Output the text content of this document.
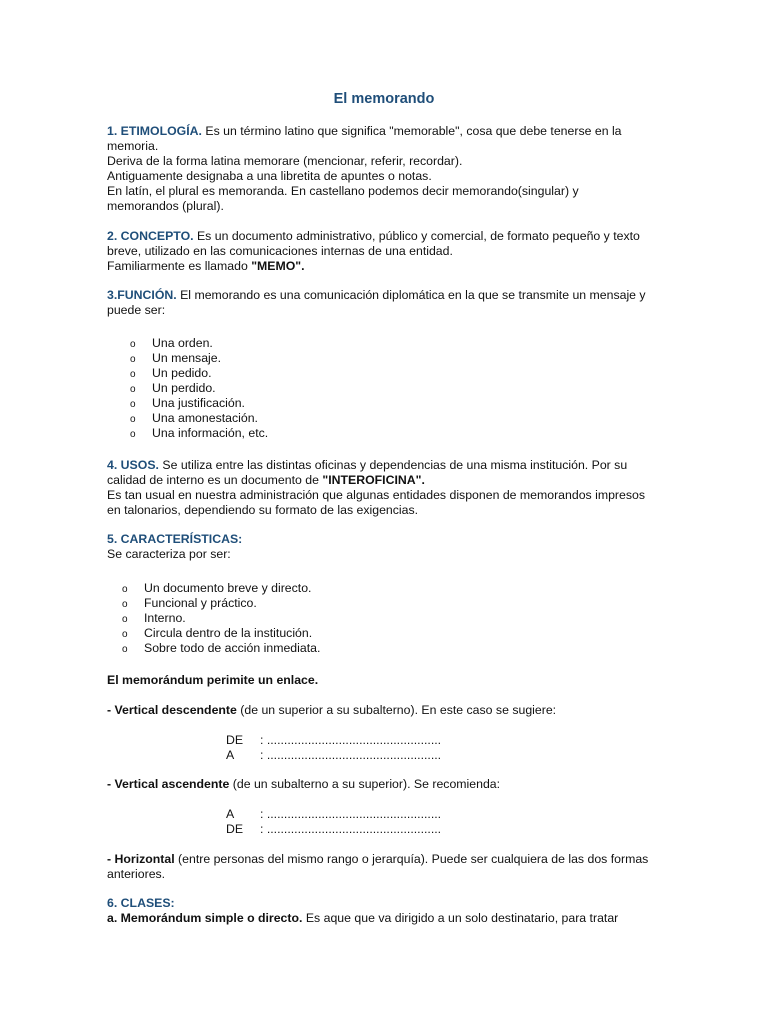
El memorando

1. ETIMOLOGÍA. Es un término latino que significa "memorable", cosa que debe tenerse en la

memoria.

Deriva de la forma latina memorare (mencionar, referir, recordar).

Antiguamente designaba a una libretita de apuntes o notas.

En latín, el plural es memoranda. En castellano podemos decir memorando(singular) y

memorandos (plural).

2. CONCEPTO. Es un documento administrativo, público y comercial, de formato pequeño y texto

breve, utilizado en las comunicaciones internas de una entidad.

Familiarmente es llamado "MEMO".

3.FUNCIÓN. El memorando es una comunicación diplomática en la que se transmite un mensaje y

puede ser:

o Una orden.
o Un mensaje.
o Un pedido.
o Un perdido.
o Una justificación.
o Una amonestación.
o Una información, etc.

4. USOS. Se utiliza entre las distintas oficinas y dependencias de una misma institución. Por su

calidad de interno es un documento de "INTEROFICINA".

Es tan usual en nuestra administración que algunas entidades disponen de memorandos impresos

en talonarios, dependiendo su formato de las exigencias.

5. CARACTERÍSTICAS:

Se caracteriza por ser:

o Un documento breve y directo.
o Funcional y práctico.
o Interno.
o Circula dentro de la institución.
o Sobre todo de acción inmediata.

El memorándum perimite un enlace.

- Vertical descendente (de un superior a su subalterno). En este caso se sugiere:

DE : ...................................................
A : ...................................................

- Vertical ascendente (de un subalterno a su superior). Se recomienda:

A : ...................................................
DE : ...................................................

- Horizontal (entre personas del mismo rango o jerarquía). Puede ser cualquiera de las dos formas

anteriores.

6. CLASES:

a. Memorándum simple o directo. Es aque que va dirigido a un solo destinatario, para tratar
